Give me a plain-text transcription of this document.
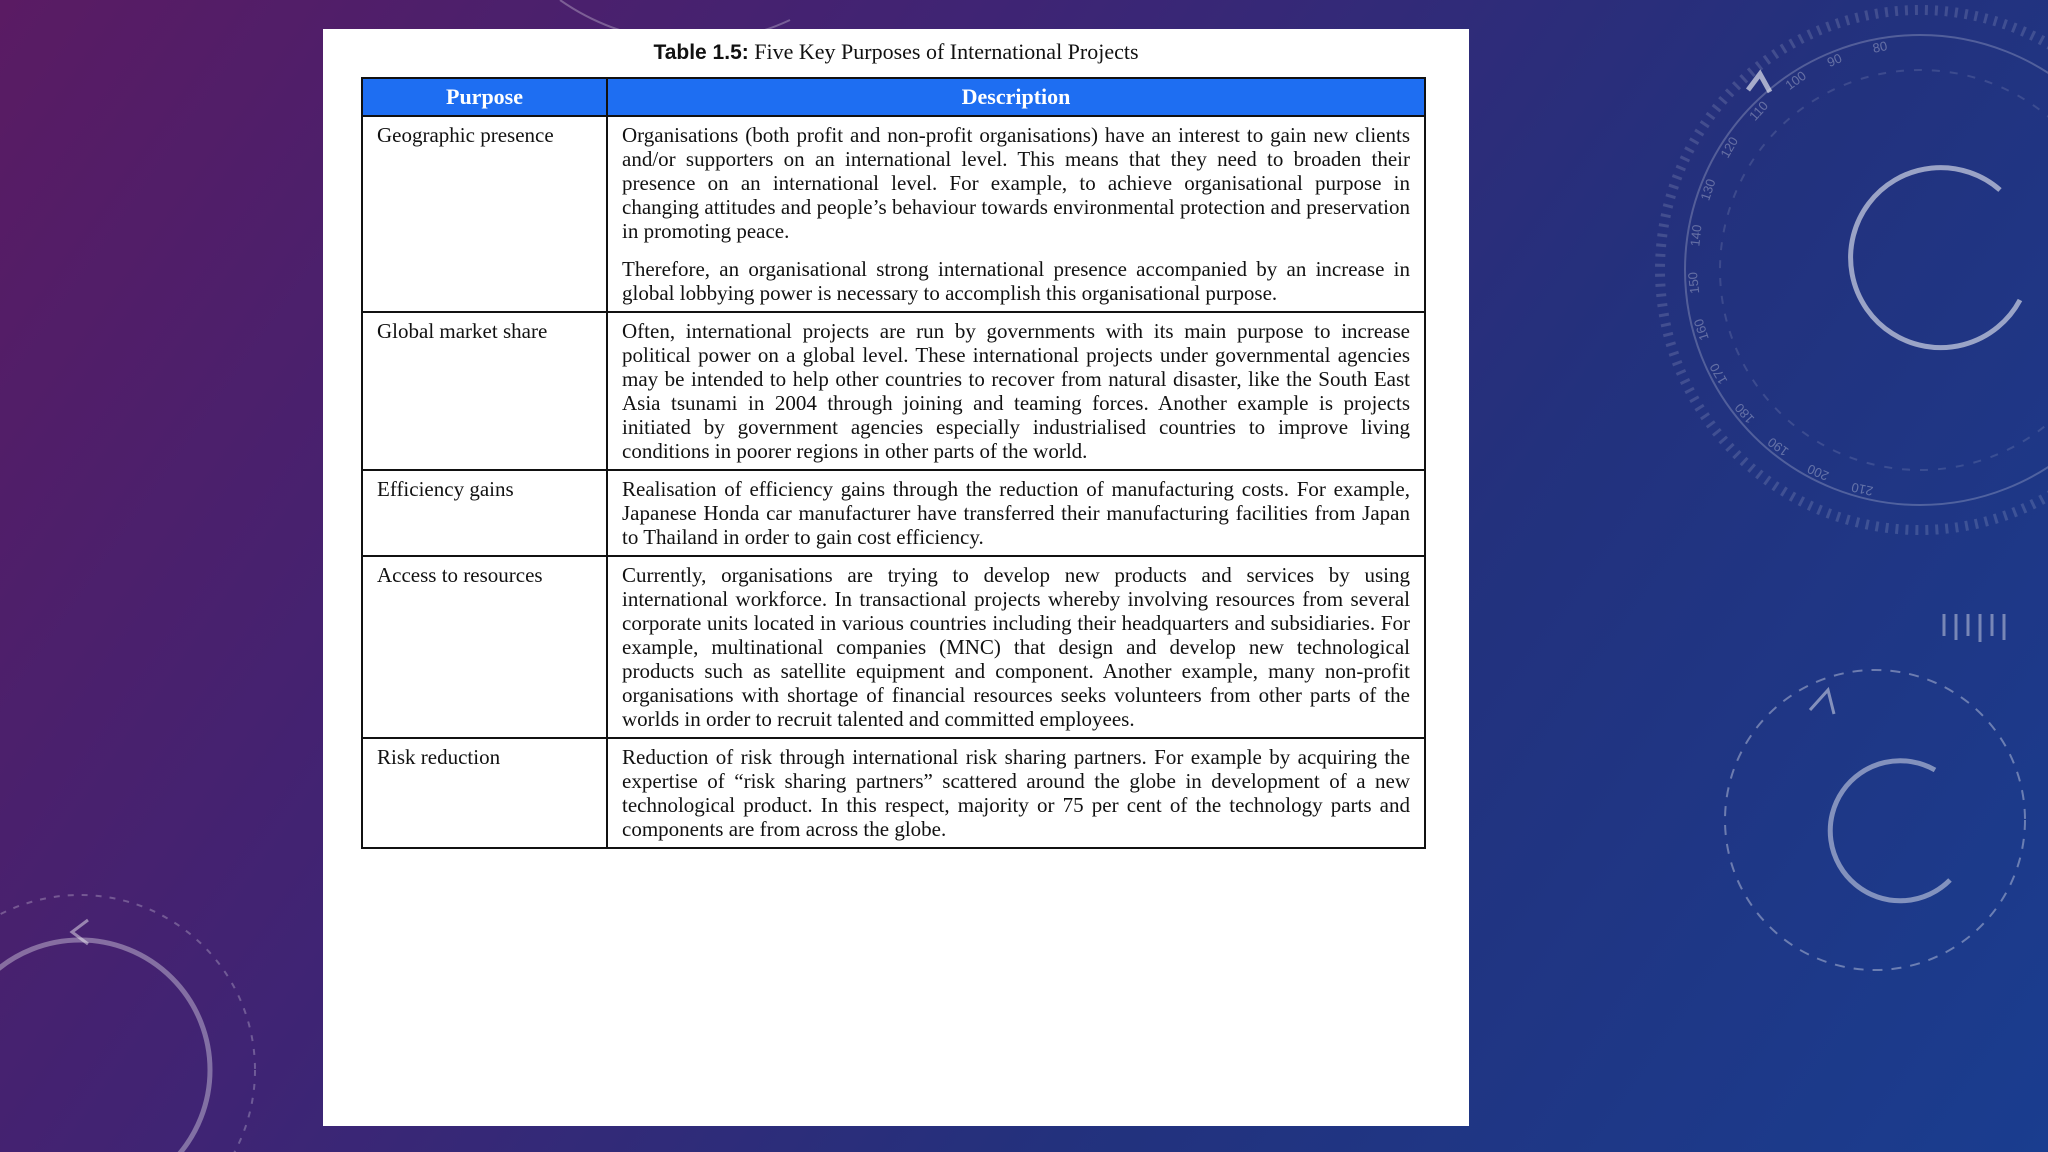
210
200
190
180
170
160
150
140
130
120
110
100
90
80
Table 1.5: Five Key Purposes of International Projects
Purpose	Description
Geographic presence	Organisations (both profit and non-profit organisations) have an interest to gain new clients and/or supporters on an international level. This means that they need to broaden their presence on an international level. For example, to achieve organisational purpose in changing attitudes and people’s behaviour towards environmental protection and preservation in promoting peace.

Therefore, an organisational strong international presence accompanied by an increase in global lobbying power is necessary to accomplish this organisational purpose.

Global market share	Often, international projects are run by governments with its main purpose to increase political power on a global level. These international projects under governmental agencies may be intended to help other countries to recover from natural disaster, like the South East Asia tsunami in 2004 through joining and teaming forces. Another example is projects initiated by government agencies especially industrialised countries to improve living conditions in poorer regions in other parts of the world.

Efficiency gains	Realisation of efficiency gains through the reduction of manufacturing costs. For example, Japanese Honda car manufacturer have transferred their manufacturing facilities from Japan to Thailand in order to gain cost efficiency.

Access to resources	Currently, organisations are trying to develop new products and services by using international workforce. In transactional projects whereby involving resources from several corporate units located in various countries including their headquarters and subsidiaries. For example, multinational companies (MNC) that design and develop new technological products such as satellite equipment and component. Another example, many non-profit organisations with shortage of financial resources seeks volunteers from other parts of the worlds in order to recruit talented and committed employees.

Risk reduction	Reduction of risk through international risk sharing partners. For example by acquiring the expertise of “risk sharing partners” scattered around the globe in development of a new technological product. In this respect, majority or 75 per cent of the technology parts and components are from across the globe.
